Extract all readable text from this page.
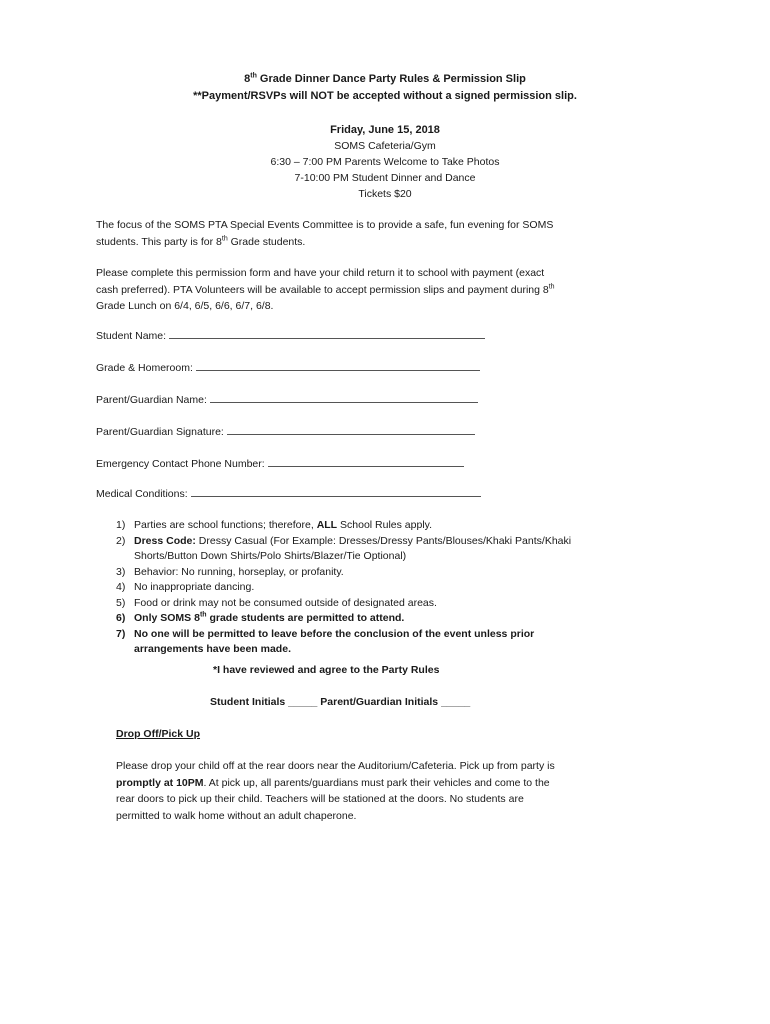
8th Grade Dinner Dance Party Rules & Permission Slip
**Payment/RSVPs will NOT be accepted without a signed permission slip.
Friday, June 15, 2018
SOMS Cafeteria/Gym
6:30 – 7:00 PM Parents Welcome to Take Photos
7-10:00 PM Student Dinner and Dance
Tickets $20
The focus of the SOMS PTA Special Events Committee is to provide a safe, fun evening for SOMS
students. This party is for 8th Grade students.
Please complete this permission form and have your child return it to school with payment (exact
cash preferred). PTA Volunteers will be available to accept permission slips and payment during 8th
Grade Lunch on 6/4, 6/5, 6/6, 6/7, 6/8.
Student Name:
Grade & Homeroom:
Parent/Guardian Name:
Parent/Guardian Signature:
Emergency Contact Phone Number:
Medical Conditions:
1) Parties are school functions; therefore, ALL School Rules apply.
2) Dress Code: Dressy Casual (For Example: Dresses/Dressy Pants/Blouses/Khaki Pants/Khaki
Shorts/Button Down Shirts/Polo Shirts/Blazer/Tie Optional)
3) Behavior: No running, horseplay, or profanity.
4) No inappropriate dancing.
5) Food or drink may not be consumed outside of designated areas.
6) Only SOMS 8th grade students are permitted to attend.
7) No one will be permitted to leave before the conclusion of the event unless prior
arrangements have been made.
*I have reviewed and agree to the Party Rules
Student Initials _____ Parent/Guardian Initials _____
Drop Off/Pick Up
Please drop your child off at the rear doors near the Auditorium/Cafeteria. Pick up from party is
promptly at 10PM. At pick up, all parents/guardians must park their vehicles and come to the
rear doors to pick up their child. Teachers will be stationed at the doors. No students are
permitted to walk home without an adult chaperone.
